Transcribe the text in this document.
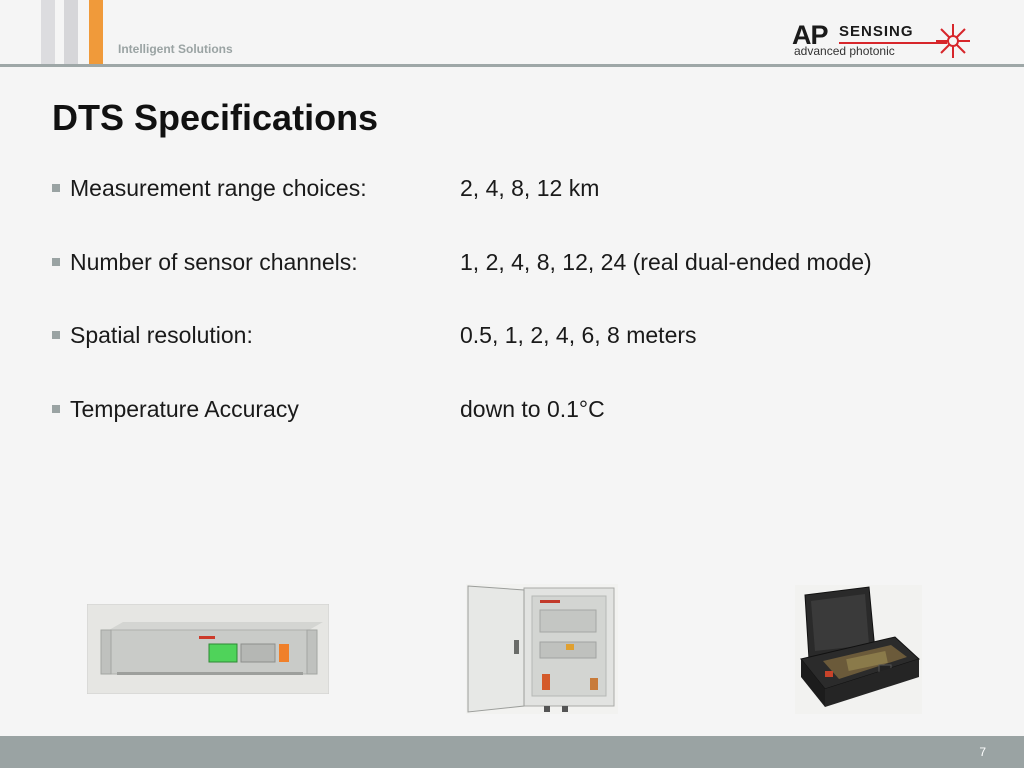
Intelligent Solutions	AP SENSING
advanced photonic
DTS Specifications
Measurement range choices:	2, 4, 8, 12 km
Number of sensor channels:	1, 2, 4, 8, 12, 24 (real dual-ended mode)
Spatial resolution:	0.5, 1, 2, 4, 6, 8 meters
Temperature Accuracy	down to 0.1°C
7
